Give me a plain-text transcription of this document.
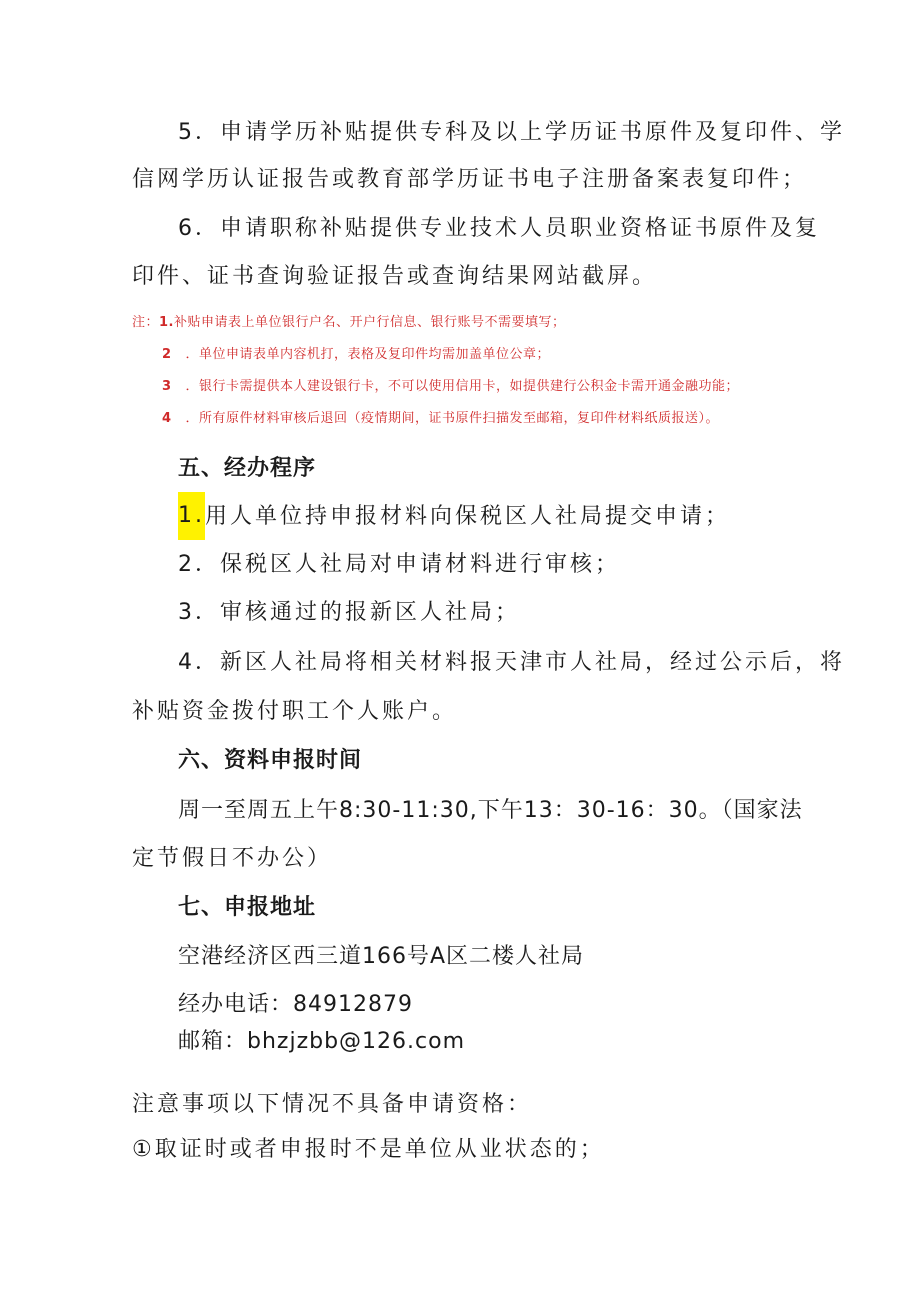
5．申请学历补贴提供专科及以上学历证书原件及复印件、学
信网学历认证报告或教育部学历证书电子注册备案表复印件；
6．申请职称补贴提供专业技术人员职业资格证书原件及复
印件、证书查询验证报告或查询结果网站截屏。
注：1.补贴申请表上单位银行户名、开户行信息、银行账号不需要填写；
2 ．单位申请表单内容机打，表格及复印件均需加盖单位公章；
3 ．银行卡需提供本人建设银行卡，不可以使用信用卡，如提供建行公积金卡需开通金融功能；
4 ．所有原件材料审核后退回（疫情期间，证书原件扫描发至邮箱，复印件材料纸质报送）。
五、经办程序
1.用人单位持申报材料向保税区人社局提交申请；
2．保税区人社局对申请材料进行审核；
3．审核通过的报新区人社局；
4．新区人社局将相关材料报天津市人社局，经过公示后，将
补贴资金拨付职工个人账户。
六、资料申报时间
周一至周五上午8:30-11:30,下午13：30-16：30。（国家法
定节假日不办公）
七、申报地址
空港经济区西三道166号A区二楼人社局
经办电话：84912879
邮箱：bhzjzbb@126.com
注意事项以下情况不具备申请资格：
①取证时或者申报时不是单位从业状态的；
